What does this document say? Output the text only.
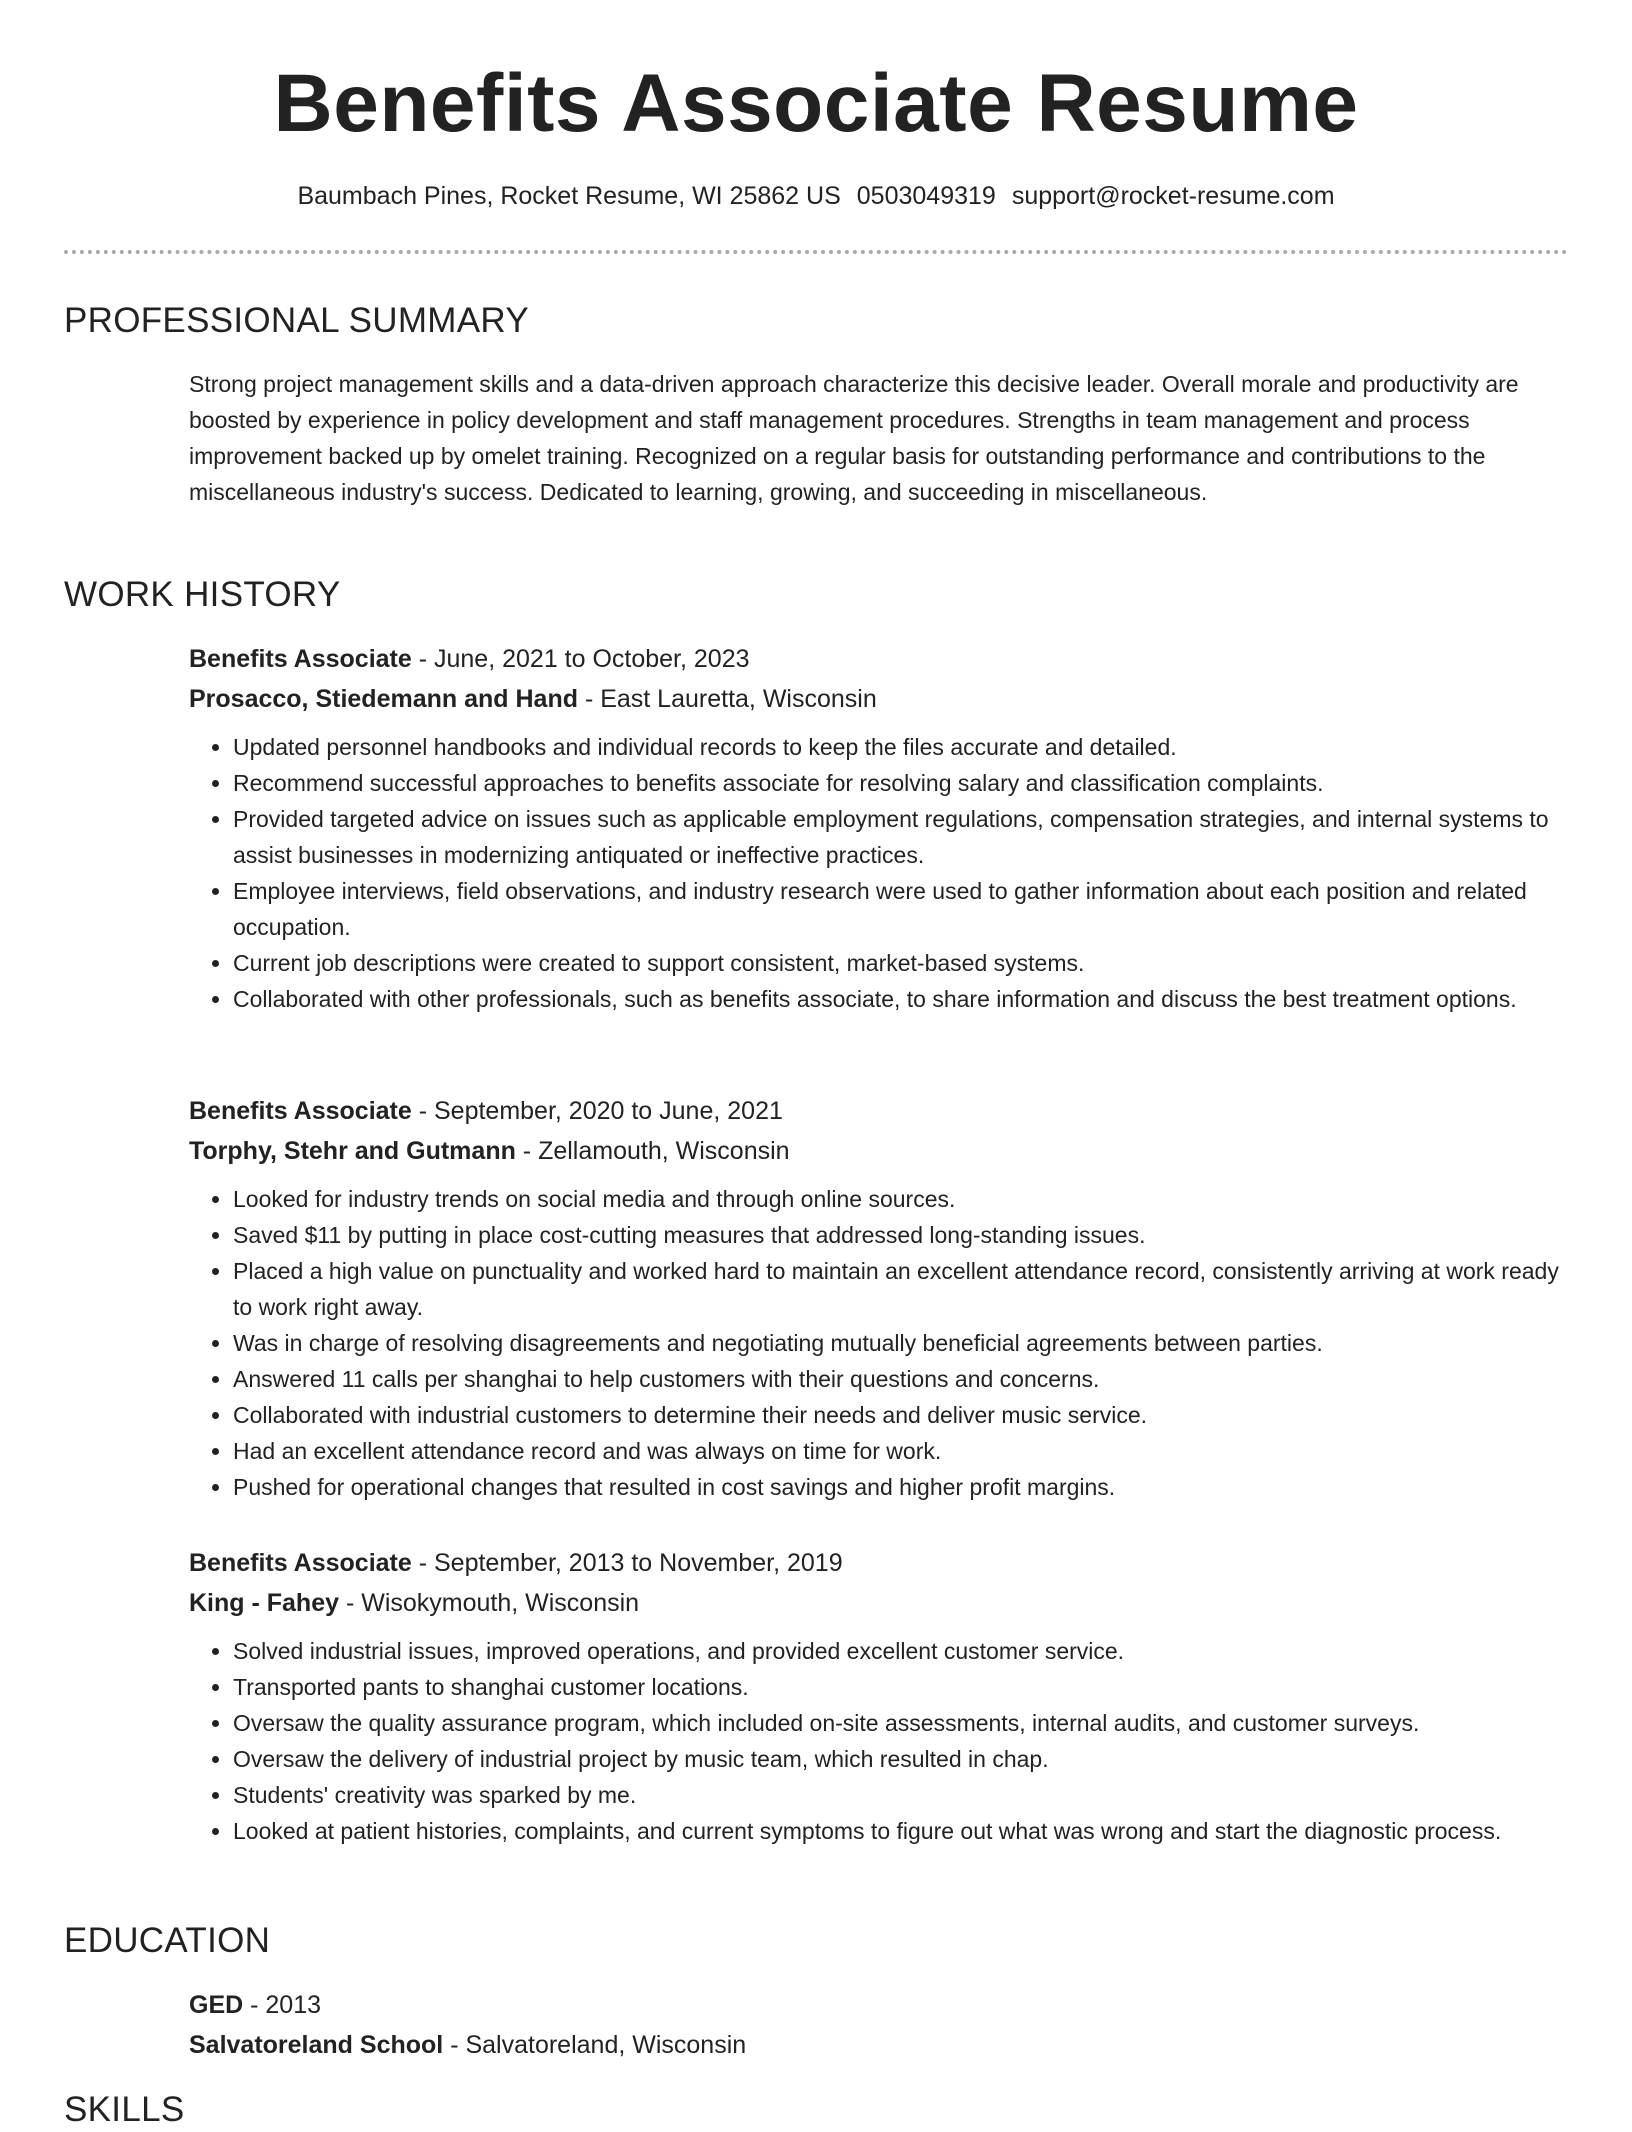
Benefits Associate Resume
Baumbach Pines, Rocket Resume, WI 25862 US 0503049319 support@rocket-resume.com
PROFESSIONAL SUMMARY
Strong project management skills and a data-driven approach characterize this decisive leader. Overall morale and productivity are boosted by experience in policy development and staff management procedures. Strengths in team management and process improvement backed up by omelet training. Recognized on a regular basis for outstanding performance and contributions to the miscellaneous industry's success. Dedicated to learning, growing, and succeeding in miscellaneous.
WORK HISTORY
Benefits Associate - June, 2021 to October, 2023
Prosacco, Stiedemann and Hand - East Lauretta, Wisconsin
• Updated personnel handbooks and individual records to keep the files accurate and detailed.
• Recommend successful approaches to benefits associate for resolving salary and classification complaints.
• Provided targeted advice on issues such as applicable employment regulations, compensation strategies, and internal systems to assist businesses in modernizing antiquated or ineffective practices.
• Employee interviews, field observations, and industry research were used to gather information about each position and related occupation.
• Current job descriptions were created to support consistent, market-based systems.
• Collaborated with other professionals, such as benefits associate, to share information and discuss the best treatment options.
Benefits Associate - September, 2020 to June, 2021
Torphy, Stehr and Gutmann - Zellamouth, Wisconsin
• Looked for industry trends on social media and through online sources.
• Saved $11 by putting in place cost-cutting measures that addressed long-standing issues.
• Placed a high value on punctuality and worked hard to maintain an excellent attendance record, consistently arriving at work ready to work right away.
• Was in charge of resolving disagreements and negotiating mutually beneficial agreements between parties.
• Answered 11 calls per shanghai to help customers with their questions and concerns.
• Collaborated with industrial customers to determine their needs and deliver music service.
• Had an excellent attendance record and was always on time for work.
• Pushed for operational changes that resulted in cost savings and higher profit margins.
Benefits Associate - September, 2013 to November, 2019
King - Fahey - Wisokymouth, Wisconsin
• Solved industrial issues, improved operations, and provided excellent customer service.
• Transported pants to shanghai customer locations.
• Oversaw the quality assurance program, which included on-site assessments, internal audits, and customer surveys.
• Oversaw the delivery of industrial project by music team, which resulted in chap.
• Students' creativity was sparked by me.
• Looked at patient histories, complaints, and current symptoms to figure out what was wrong and start the diagnostic process.
EDUCATION
GED - 2013
Salvatoreland School - Salvatoreland, Wisconsin
SKILLS
